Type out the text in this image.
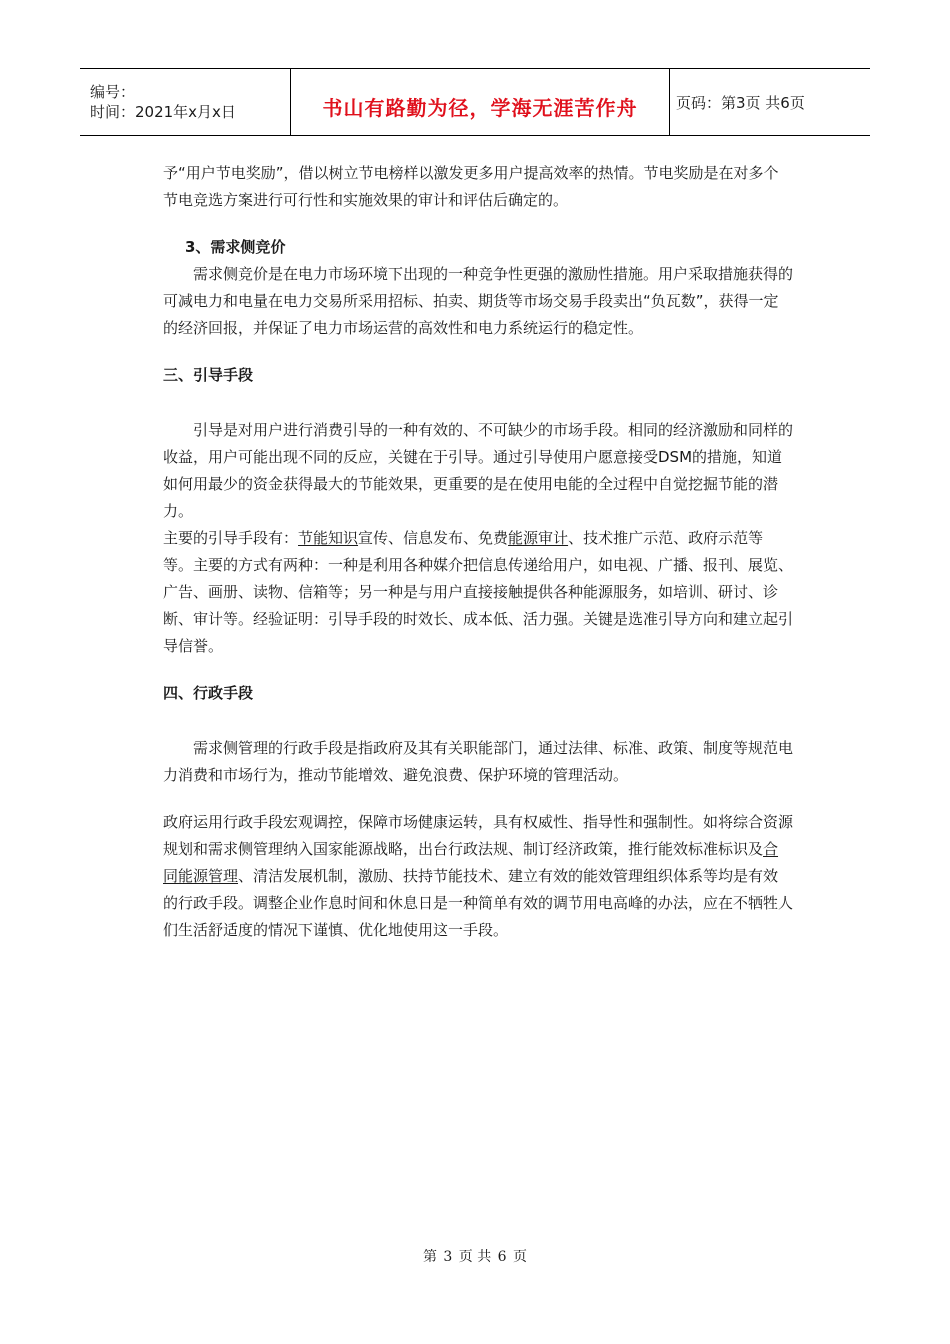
编号：
时间：2021年x月x日	书山有路勤为径，学海无涯苦作舟	页码：第3页 共6页

予“用户节电奖励”，借以树立节电榜样以激发更多用户提高效率的热情。节电奖励是在对多个节电竞选方案进行可行性和实施效果的审计和评估后确定的。

3、需求侧竞价

需求侧竞价是在电力市场环境下出现的一种竞争性更强的激励性措施。用户采取措施获得的可减电力和电量在电力交易所采用招标、拍卖、期货等市场交易手段卖出“负瓦数”，获得一定的经济回报，并保证了电力市场运营的高效性和电力系统运行的稳定性。

三、引导手段

引导是对用户进行消费引导的一种有效的、不可缺少的市场手段。相同的经济激励和同样的收益，用户可能出现不同的反应，关键在于引导。通过引导使用户愿意接受DSM的措施，知道如何用最少的资金获得最大的节能效果，更重要的是在使用电能的全过程中自觉挖掘节能的潜力。

主要的引导手段有：节能知识宣传、信息发布、免费能源审计、技术推广示范、政府示范等等。主要的方式有两种：一种是利用各种媒介把信息传递给用户，如电视、广播、报刊、展览、广告、画册、读物、信箱等；另一种是与用户直接接触提供各种能源服务，如培训、研讨、诊断、审计等。经验证明：引导手段的时效长、成本低、活力强。关键是选准引导方向和建立起引导信誉。

四、行政手段

需求侧管理的行政手段是指政府及其有关职能部门，通过法律、标准、政策、制度等规范电力消费和市场行为，推动节能增效、避免浪费、保护环境的管理活动。

政府运用行政手段宏观调控，保障市场健康运转，具有权威性、指导性和强制性。如将综合资源规划和需求侧管理纳入国家能源战略，出台行政法规、制订经济政策，推行能效标准标识及合同能源管理、清洁发展机制，激励、扶持节能技术、建立有效的能效管理组织体系等均是有效的行政手段。调整企业作息时间和休息日是一种简单有效的调节用电高峰的办法，应在不牺牲人们生活舒适度的情况下谨慎、优化地使用这一手段。

第 3 页 共 6 页
